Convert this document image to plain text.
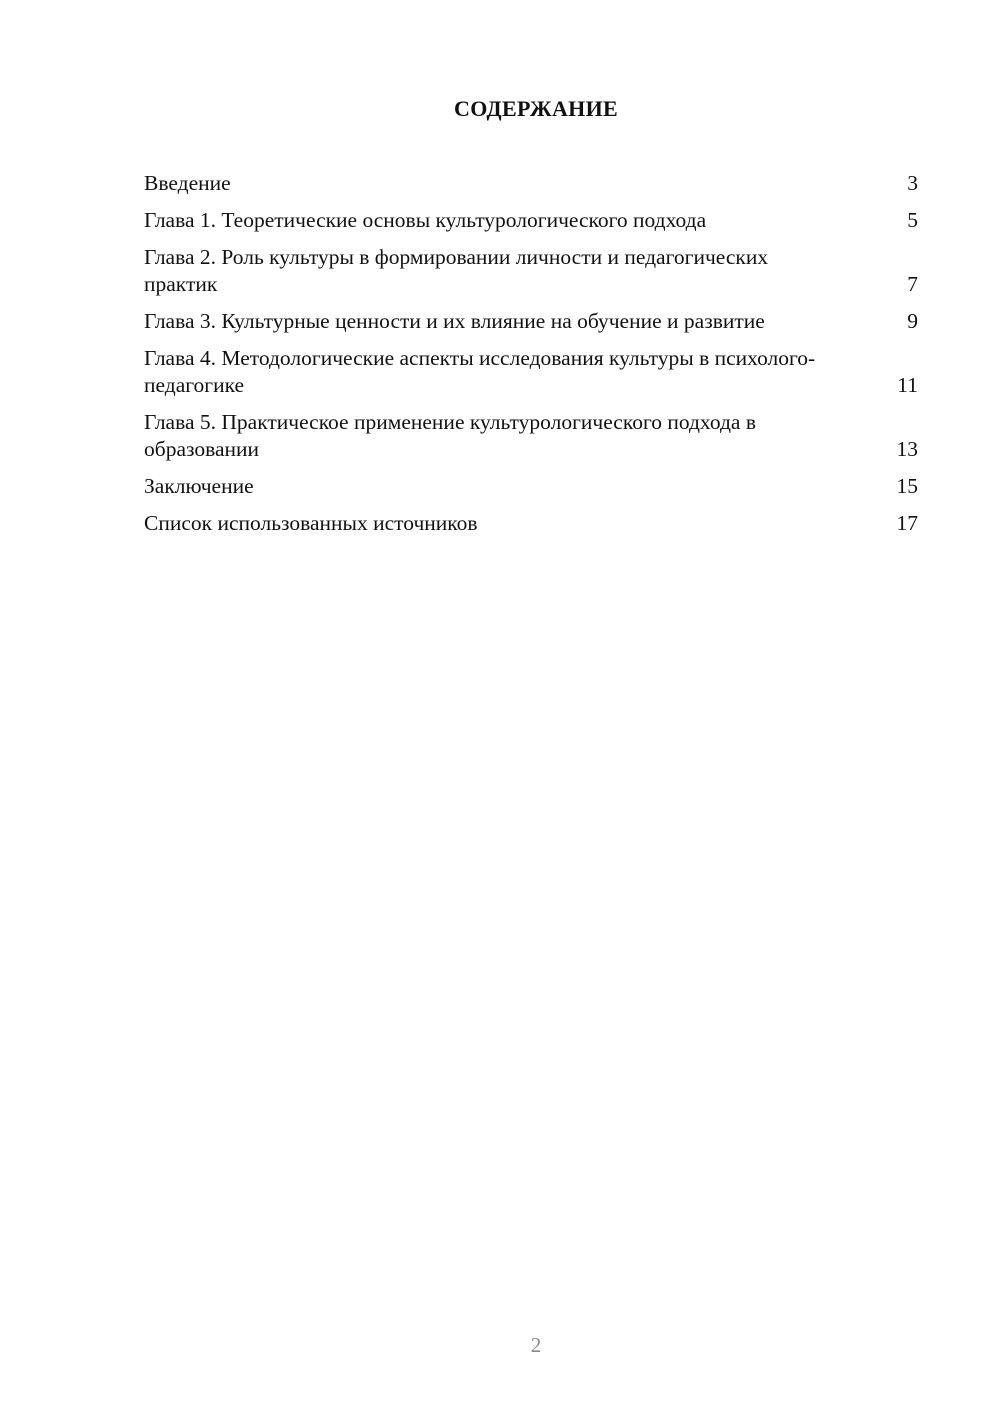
СОДЕРЖАНИЕ
Введение	3
Глава 1. Теоретические основы культурологического подхода	5
Глава 2. Роль культуры в формировании личности и педагогических практик	7
Глава 3. Культурные ценности и их влияние на обучение и развитие	9
Глава 4. Методологические аспекты исследования культуры в психолого-педагогике	11
Глава 5. Практическое применение культурологического подхода в образовании	13
Заключение	15
Список использованных источников	17
2
